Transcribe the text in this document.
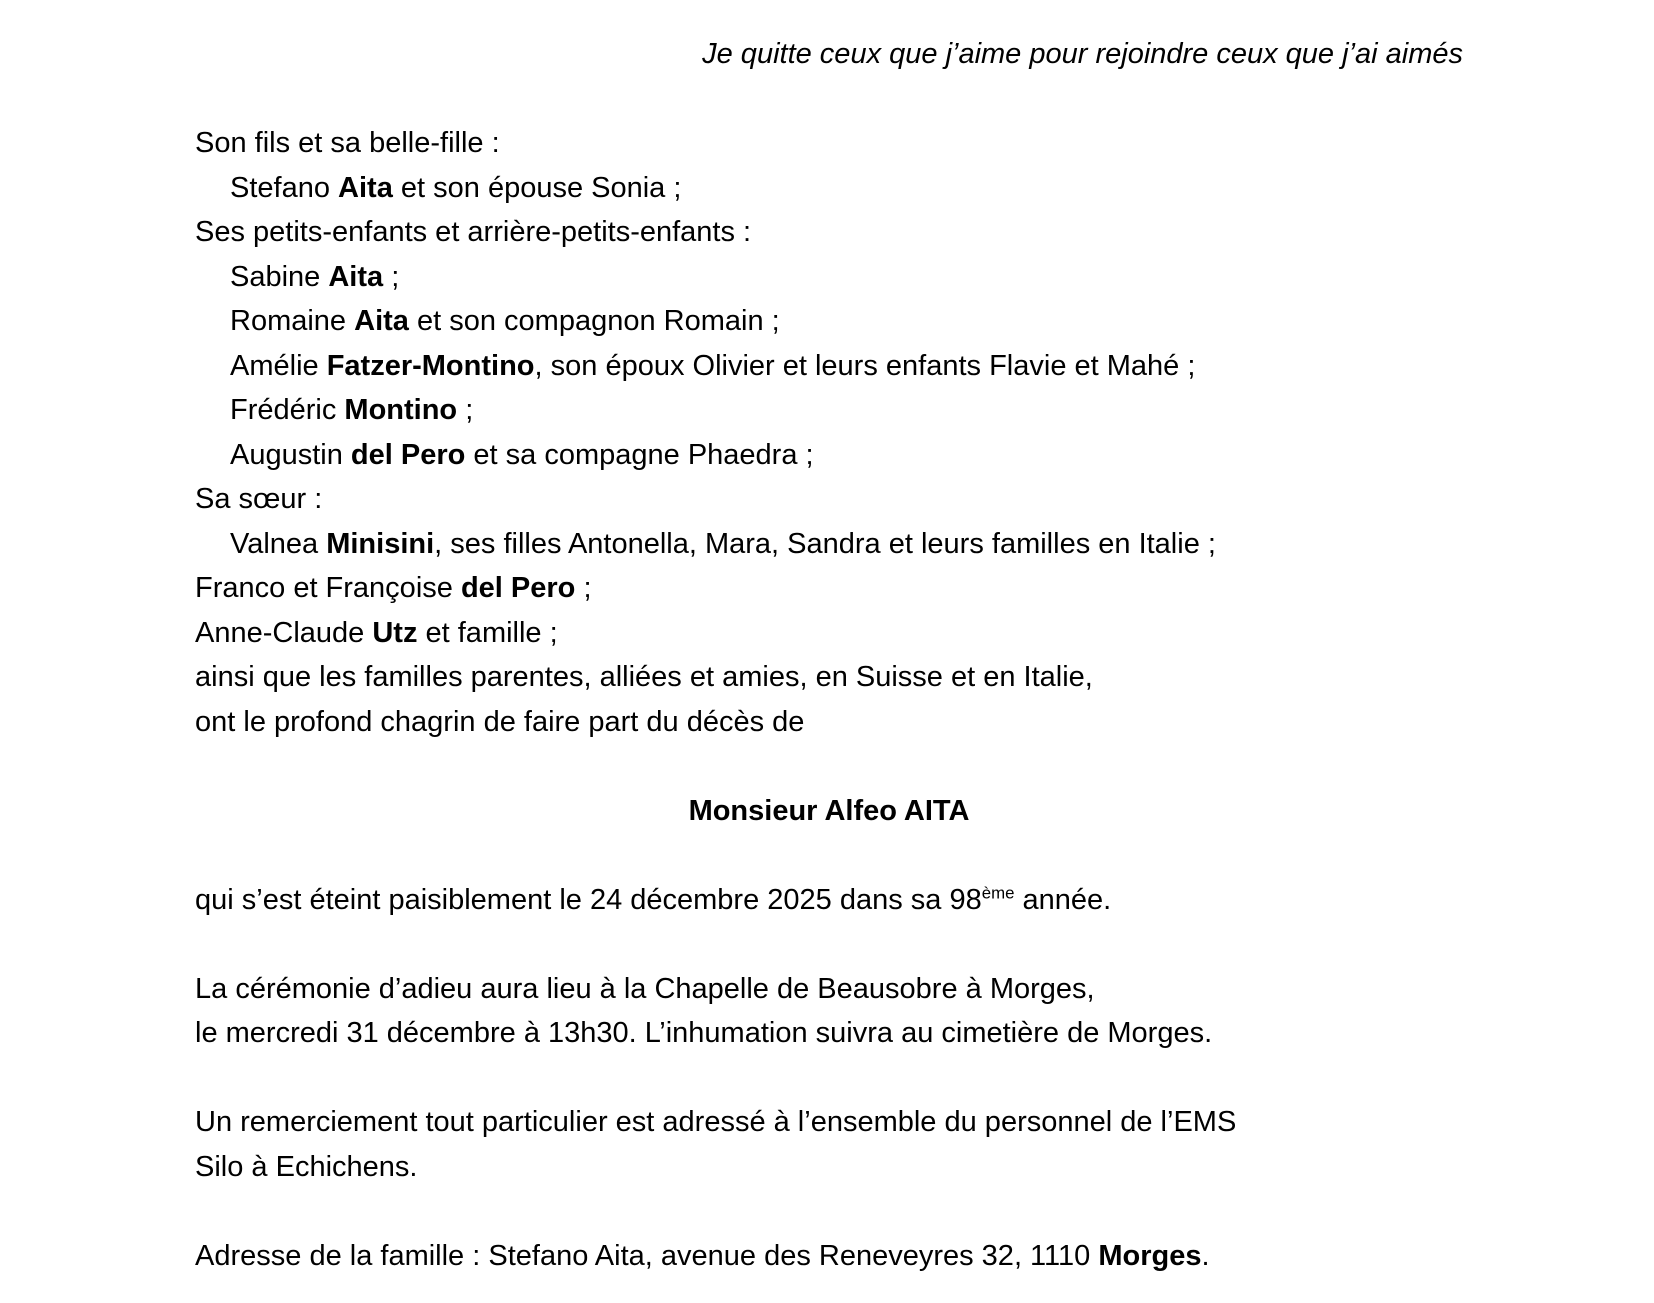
Je quitte ceux que j’aime pour rejoindre ceux que j’ai aimés
Son fils et sa belle-fille :
Stefano Aita et son épouse Sonia ;
Ses petits-enfants et arrière-petits-enfants :
Sabine Aita ;
Romaine Aita et son compagnon Romain ;
Amélie Fatzer-Montino, son époux Olivier et leurs enfants Flavie et Mahé ;
Frédéric Montino ;
Augustin del Pero et sa compagne Phaedra ;
Sa sœur :
Valnea Minisini, ses filles Antonella, Mara, Sandra et leurs familles en Italie ;
Franco et Françoise del Pero ;
Anne-Claude Utz et famille ;
ainsi que les familles parentes, alliées et amies, en Suisse et en Italie,
ont le profond chagrin de faire part du décès de
Monsieur Alfeo AITA
qui s’est éteint paisiblement le 24 décembre 2025 dans sa 98ème année.
La cérémonie d’adieu aura lieu à la Chapelle de Beausobre à Morges,
le mercredi 31 décembre à 13h30. L’inhumation suivra au cimetière de Morges.
Un remerciement tout particulier est adressé à l’ensemble du personnel de l’EMS
Silo à Echichens.
Adresse de la famille : Stefano Aita, avenue des Reneveyres 32, 1110 Morges.
